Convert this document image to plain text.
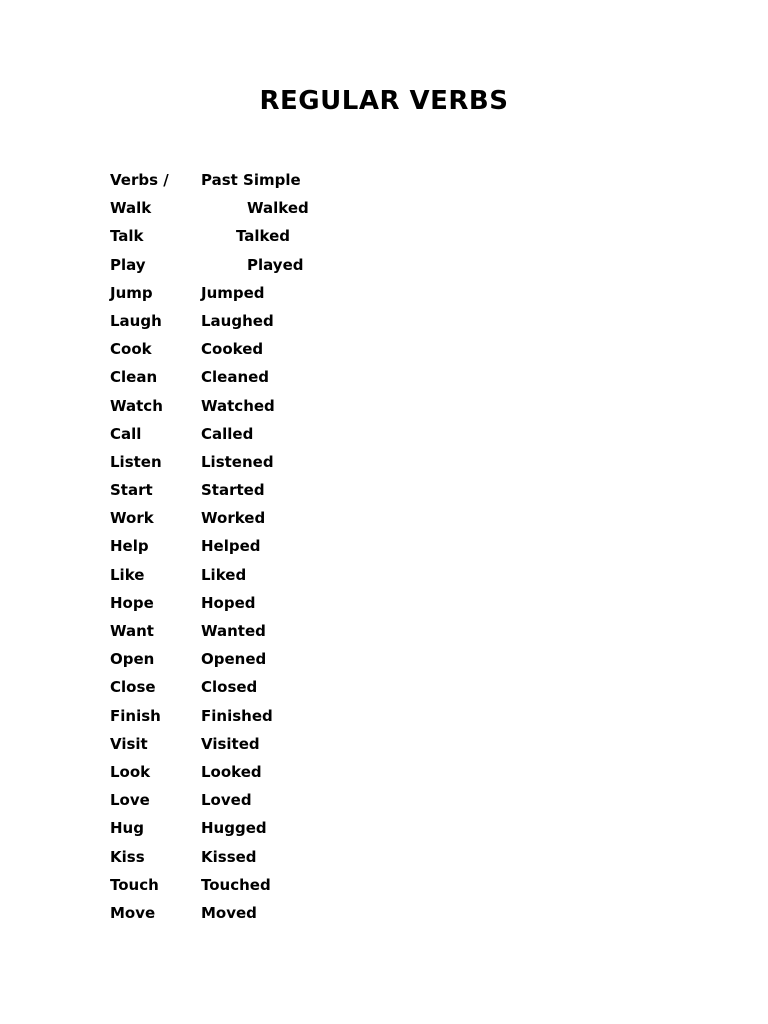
REGULAR VERBS
Verbs / Past Simple
Walk	Walked
Talk	Talked
Play	Played
Jump	Jumped
Laugh	Laughed
Cook	Cooked
Clean	Cleaned
Watch	Watched
Call	Called
Listen	Listened
Start	Started
Work	Worked
Help	Helped
Like	Liked
Hope	Hoped
Want	Wanted
Open	Opened
Close	Closed
Finish	Finished
Visit	Visited
Look	Looked
Love	Loved
Hug	Hugged
Kiss	Kissed
Touch	Touched
Move	Moved
